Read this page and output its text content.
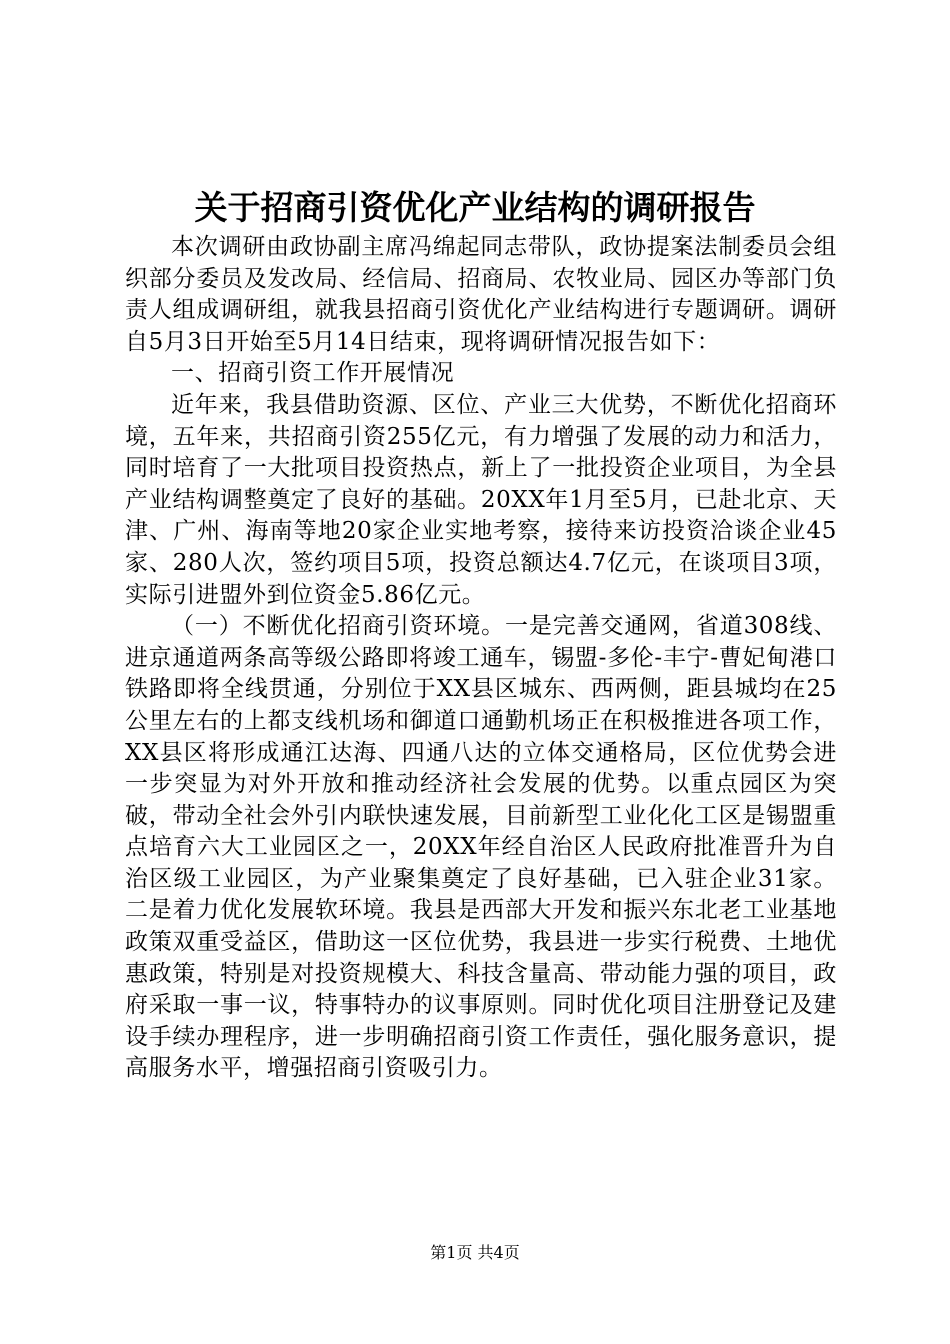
关于招商引资优化产业结构的调研报告

本次调研由政协副主席冯绵起同志带队，政协提案法制委员会组织部分委员及发改局、经信局、招商局、农牧业局、园区办等部门负责人组成调研组，就我县招商引资优化产业结构进行专题调研。调研自5月3日开始至5月14日结束，现将调研情况报告如下：

一、招商引资工作开展情况

近年来，我县借助资源、区位、产业三大优势，不断优化招商环境，五年来，共招商引资255亿元，有力增强了发展的动力和活力，同时培育了一大批项目投资热点，新上了一批投资企业项目，为全县产业结构调整奠定了良好的基础。20XX年1月至5月，已赴北京、天津、广州、海南等地20家企业实地考察，接待来访投资洽谈企业45家、280人次，签约项目5项，投资总额达4.7亿元，在谈项目3项，实际引进盟外到位资金5.86亿元。

（一）不断优化招商引资环境。一是完善交通网，省道308线、进京通道两条高等级公路即将竣工通车，锡盟-多伦-丰宁-曹妃甸港口铁路即将全线贯通，分别位于XX县区城东、西两侧，距县城均在25公里左右的上都支线机场和御道口通勤机场正在积极推进各项工作，XX县区将形成通江达海、四通八达的立体交通格局，区位优势会进一步突显为对外开放和推动经济社会发展的优势。以重点园区为突破，带动全社会外引内联快速发展，目前新型工业化化工区是锡盟重点培育六大工业园区之一，20XX年经自治区人民政府批准晋升为自治区级工业园区，为产业聚集奠定了良好基础，已入驻企业31家。二是着力优化发展软环境。我县是西部大开发和振兴东北老工业基地政策双重受益区，借助这一区位优势，我县进一步实行税费、土地优惠政策，特别是对投资规模大、科技含量高、带动能力强的项目，政府采取一事一议，特事特办的议事原则。同时优化项目注册登记及建设手续办理程序，进一步明确招商引资工作责任，强化服务意识，提高服务水平，增强招商引资吸引力。

第1页 共4页
